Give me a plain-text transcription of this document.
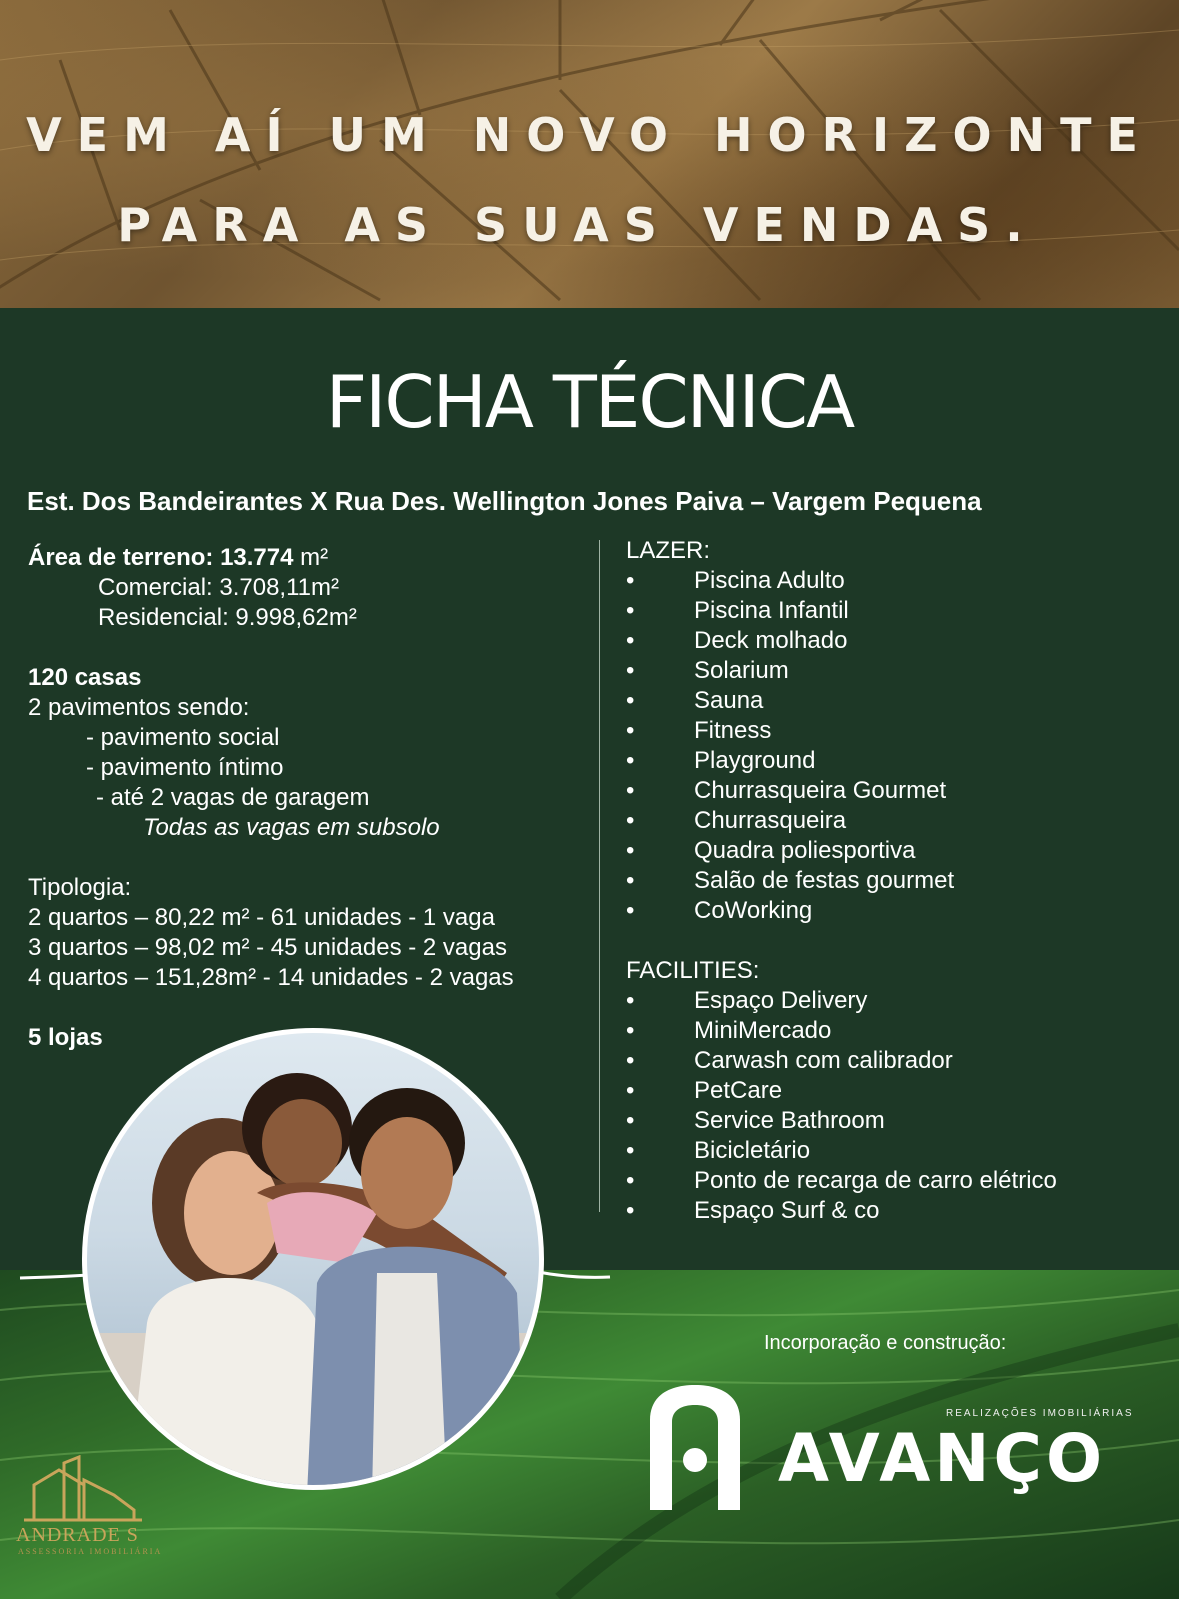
VEM AÍ UM NOVO HORIZONTE
PARA AS SUAS VENDAS.
FICHA TÉCNICA
Est. Dos Bandeirantes X Rua Des. Wellington Jones Paiva – Vargem Pequena
Área de terreno: 13.774 m²
Comercial: 3.708,11m²
Residencial: 9.998,62m²
120 casas
2 pavimentos sendo:
- pavimento social
- pavimento íntimo
- até 2 vagas de garagem
Todas as vagas em subsolo
Tipologia:
2 quartos – 80,22 m² - 61 unidades - 1 vaga
3 quartos – 98,02 m² - 45 unidades - 2 vagas
4 quartos – 151,28m² - 14 unidades - 2 vagas
5 lojas
LAZER:
•	Piscina Adulto
•	Piscina Infantil
•	Deck molhado
•	Solarium
•	Sauna
•	Fitness
•	Playground
•	Churrasqueira Gourmet
•	Churrasqueira
•	Quadra poliesportiva
•	Salão de festas gourmet
•	CoWorking
FACILITIES:
•	Espaço Delivery
•	MiniMercado
•	Carwash com calibrador
•	PetCare
•	Service Bathroom
•	Bicicletário
•	Ponto de recarga de carro elétrico
•	Espaço Surf & co
Incorporação e construção:
REALIZAÇÕES IMOBILIÁRIAS
AVANÇO
ANDRADE S
ASSESSORIA IMOBILIÁRIA
